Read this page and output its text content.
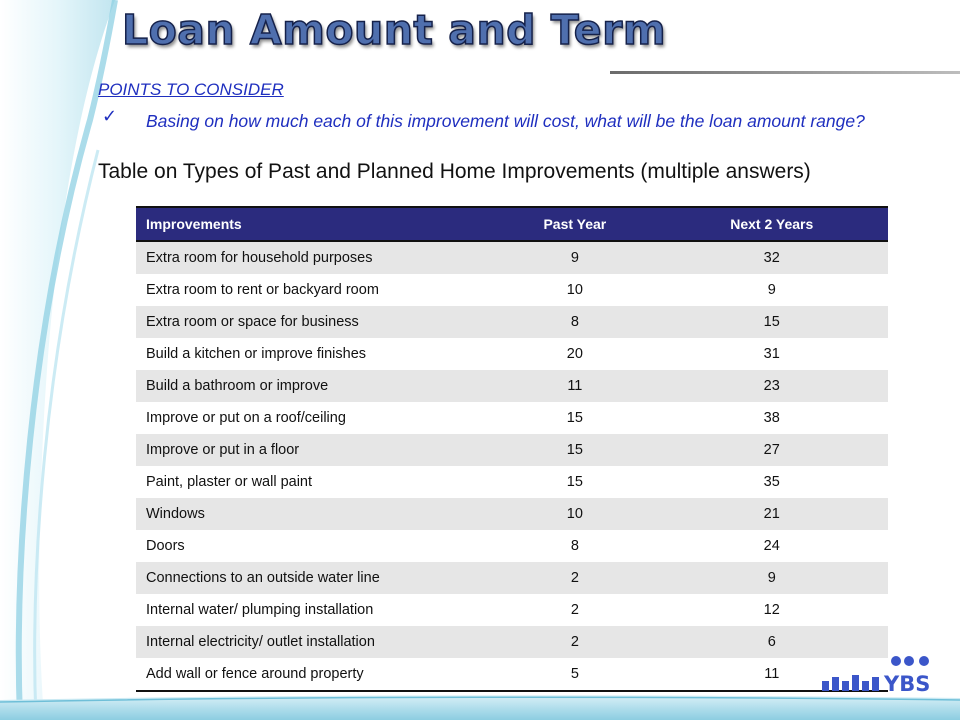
Loan Amount and Term
POINTS TO CONSIDER
✓ Basing on how much each of this improvement will cost, what will be the loan amount range?
Table on Types of Past and Planned Home Improvements (multiple answers)
Improvements	Past Year	Next 2 Years
Extra room for household purposes	9	32
Extra room to rent or backyard room	10	9
Extra room or space for business	8	15
Build a kitchen or improve finishes	20	31
Build a bathroom or improve	11	23
Improve or put on a roof/ceiling	15	38
Improve or put in a floor	15	27
Paint, plaster or wall paint	15	35
Windows	10	21
Doors	8	24
Connections to an outside water line	2	9
Internal water/ plumping installation	2	12
Internal electricity/ outlet installation	2	6
Add wall or fence around property	5	11	YBS
